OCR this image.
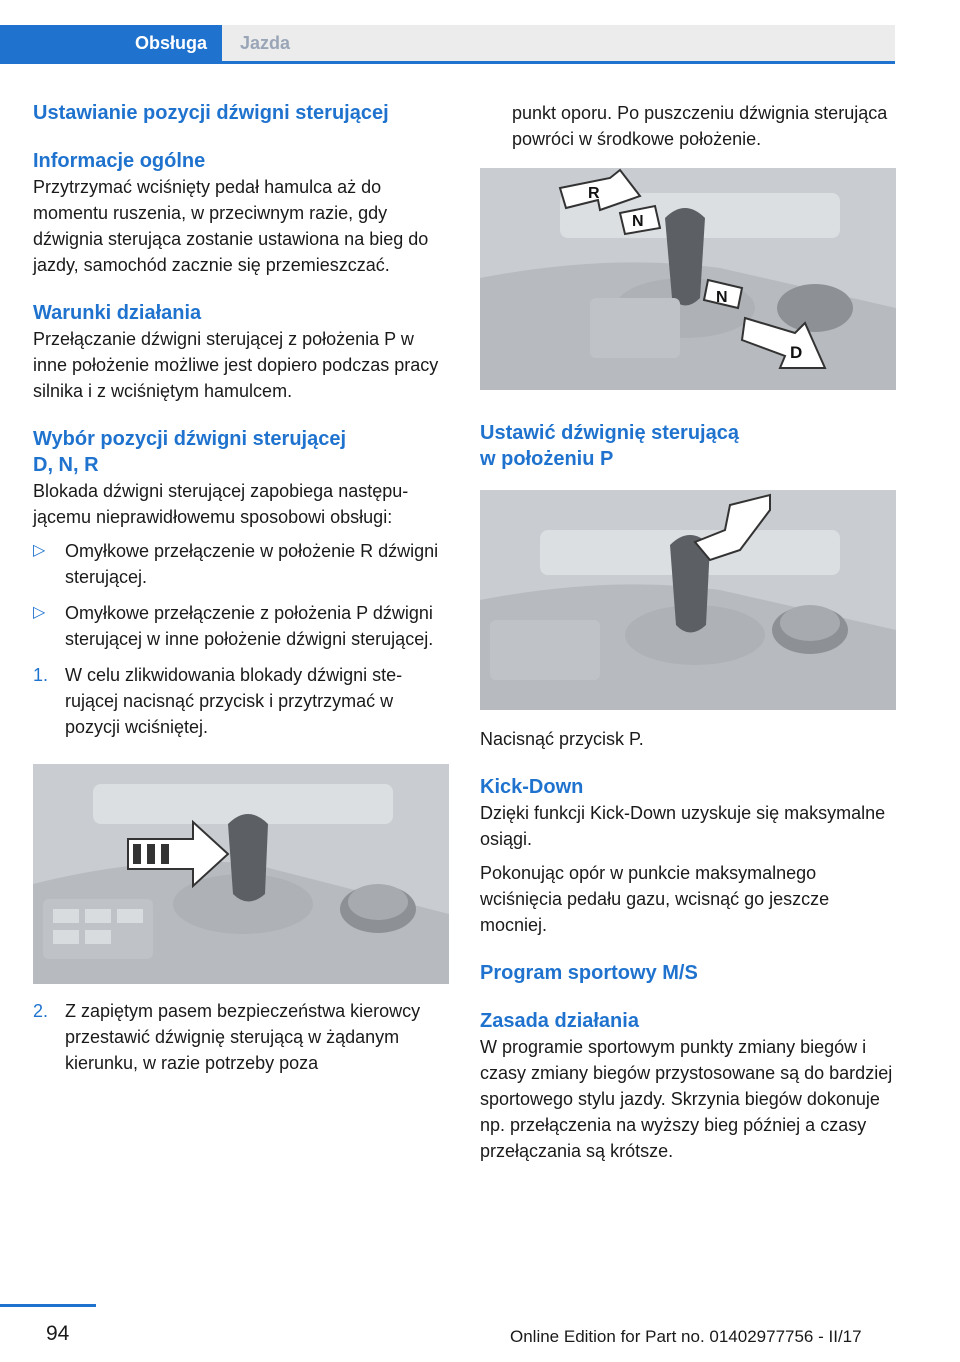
Obsługa	Jazda
Ustawianie pozycji dźwigni sterującej
Informacje ogólne

Przytrzymać wciśnięty pedał hamulca aż do momentu ruszenia, w przeciwnym razie, gdy dźwignia sterująca zostanie ustawiona na bieg do jazdy, samochód zacznie się przemieszczać.

Warunki działania

Przełączanie dźwigni sterującej z położenia P w inne położenie możliwe jest dopiero podczas pracy silnika i z wciśniętym hamulcem.

Wybór pozycji dźwigni sterującej
D, N, R

Blokada dźwigni sterującej zapobiega następującemu nieprawidłowemu sposobowi obsługi:

▷ Omyłkowe przełączenie w położenie R dźwigni sterującej.
▷ Omyłkowe przełączenie z położenia P dźwigni sterującej w inne położenie dźwigni sterującej.
1. W celu zlikwidowania blokady dźwigni sterującej nacisnąć przycisk i przytrzymać w pozycji wciśniętej.
2. Z zapiętym pasem bezpieczeństwa kierowcy przestawić dźwignię sterującą w żądanym kierunku, w razie potrzeby poza

punkt oporu. Po puszczeniu dźwignia sterująca powróci w środkowe położenie.

R
N
N
D
Ustawić dźwignię sterującą
w położeniu P

Nacisnąć przycisk P.

Kick-Down

Dzięki funkcji Kick-Down uzyskuje się maksymalne osiągi.

Pokonując opór w punkcie maksymalnego wciśnięcia pedału gazu, wcisnąć go jeszcze mocniej.

Program sportowy M/S
Zasada działania

W programie sportowym punkty zmiany biegów i czasy zmiany biegów przystosowane są do bardziej sportowego stylu jazdy. Skrzynia biegów dokonuje np. przełączenia na wyższy bieg później a czasy przełączania są krótsze.

94	Online Edition for Part no. 01402977756 - II/17
